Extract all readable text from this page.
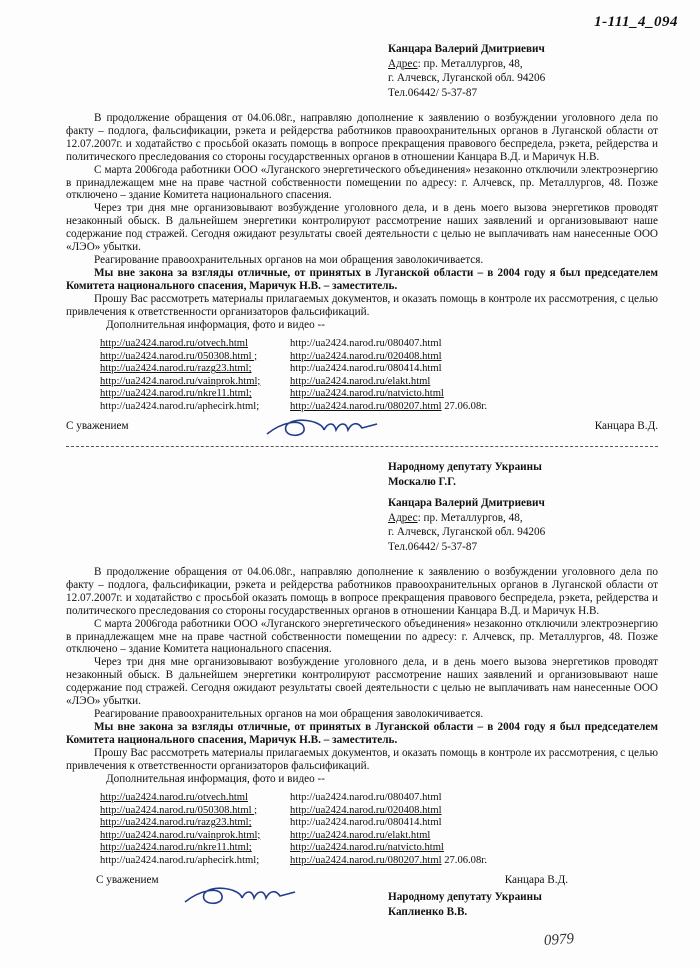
1-111_4_094
Канцара Валерий Дмитриевич
Адрес: пр. Металлургов, 48,
г. Алчевск, Луганской обл. 94206
Тел.06442/ 5-37-87

В продолжение обращения от 04.06.08г., направляю дополнение к заявлению о возбуждении уголовного дела по факту – подлога, фальсификации, рэкета и рейдерства работников правоохранительных органов в Луганской области от 12.07.2007г. и ходатайство с просьбой оказать помощь в вопросе прекращения правового беспредела, рэкета, рейдерства и политического преследования со стороны государственных органов в отношении Канцара В.Д. и Маричук Н.В.

С марта 2006года работники ООО «Луганского энергетического объединения» незаконно отключили электроэнергию в принадлежащем мне на праве частной собственности помещении по адресу: г. Алчевск, пр. Металлургов, 48. Позже отключено – здание Комитета национального спасения.

Через три дня мне организовывают возбуждение уголовного дела, и в день моего вызова энергетиков проводят незаконный обыск. В дальнейшем энергетики контролируют рассмотрение наших заявлений и организовывают наше содержание под стражей. Сегодня ожидают результаты своей деятельности с целью не выплачивать нам нанесенные ООО «ЛЭО» убытки.

Реагирование правоохранительных органов на мои обращения заволокичивается.

Мы вне закона за взгляды отличные, от принятых в Луганской области – в 2004 году я был председателем Комитета национального спасения, Маричук Н.В. – заместитель.

Прошу Вас рассмотреть материалы прилагаемых документов, и оказать помощь в контроле их рассмотрения, с целью привлечения к ответственности организаторов фальсификаций.

Дополнительная информация, фото и видео --

http://ua2424.narod.ru/otvech.html	http://ua2424.narod.ru/080407.html
http://ua2424.narod.ru/050308.html ;	http://ua2424.narod.ru/020408.html
http://ua2424.narod.ru/razg23.html;	http://ua2424.narod.ru/080414.html
http://ua2424.narod.ru/vainprok.html;	http://ua2424.narod.ru/elakt.html
http://ua2424.narod.ru/nkre11.html;	http://ua2424.narod.ru/natvicto.html
http://ua2424.narod.ru/aphecirk.html;	http://ua2424.narod.ru/080207.html 27.06.08г.
С уважением	Канцара В.Д.
Народному депутату Украины
Москалю Г.Г.
Канцара Валерий Дмитриевич
Адрес: пр. Металлургов, 48,
г. Алчевск, Луганской обл. 94206
Тел.06442/ 5-37-87

В продолжение обращения от 04.06.08г., направляю дополнение к заявлению о возбуждении уголовного дела по факту – подлога, фальсификации, рэкета и рейдерства работников правоохранительных органов в Луганской области от 12.07.2007г. и ходатайство с просьбой оказать помощь в вопросе прекращения правового беспредела, рэкета, рейдерства и политического преследования со стороны государственных органов в отношении Канцара В.Д. и Маричук Н.В.

С марта 2006года работники ООО «Луганского энергетического объединения» незаконно отключили электроэнергию в принадлежащем мне на праве частной собственности помещении по адресу: г. Алчевск, пр. Металлургов, 48. Позже отключено – здание Комитета национального спасения.

Через три дня мне организовывают возбуждение уголовного дела, и в день моего вызова энергетиков проводят незаконный обыск. В дальнейшем энергетики контролируют рассмотрение наших заявлений и организовывают наше содержание под стражей. Сегодня ожидают результаты своей деятельности с целью не выплачивать нам нанесенные ООО «ЛЭО» убытки.

Реагирование правоохранительных органов на мои обращения заволокичивается.

Мы вне закона за взгляды отличные, от принятых в Луганской области – в 2004 году я был председателем Комитета национального спасения, Маричук Н.В. – заместитель.

Прошу Вас рассмотреть материалы прилагаемых документов, и оказать помощь в контроле их рассмотрения, с целью привлечения к ответственности организаторов фальсификаций.

Дополнительная информация, фото и видео --

http://ua2424.narod.ru/otvech.html	http://ua2424.narod.ru/080407.html
http://ua2424.narod.ru/050308.html ;	http://ua2424.narod.ru/020408.html
http://ua2424.narod.ru/razg23.html;	http://ua2424.narod.ru/080414.html
http://ua2424.narod.ru/vainprok.html;	http://ua2424.narod.ru/elakt.html
http://ua2424.narod.ru/nkre11.html;	http://ua2424.narod.ru/natvicto.html
http://ua2424.narod.ru/aphecirk.html;	http://ua2424.narod.ru/080207.html 27.06.08г.
С уважением	Канцара В.Д.
Народному депутату Украины
Каплиенко В.В.
0979
